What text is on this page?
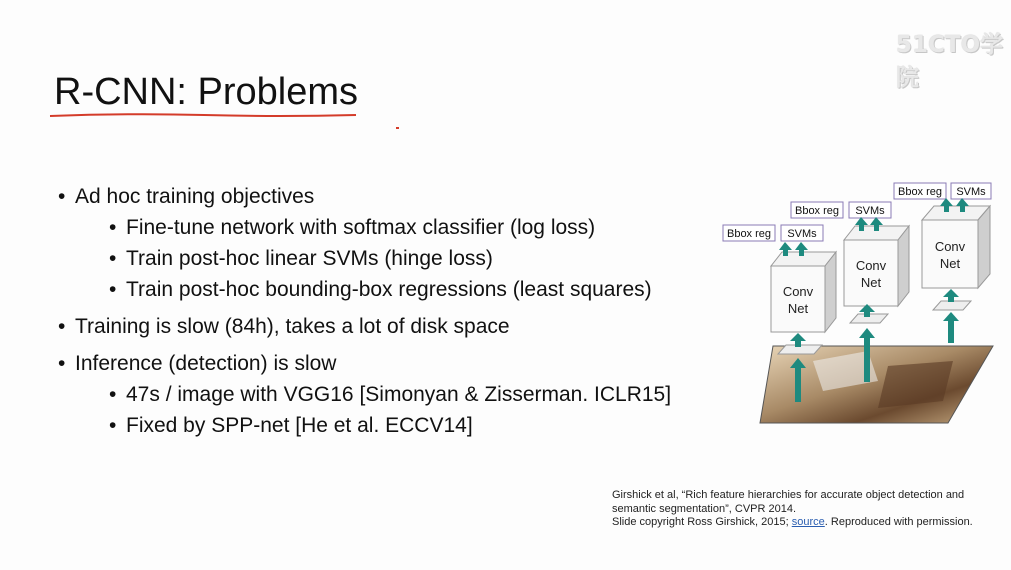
51CTO学院
R-CNN: Problems
• Ad hoc training objectives
• Fine-tune network with softmax classifier (log loss)
• Train post-hoc linear SVMs (hinge loss)
• Train post-hoc bounding-box regressions (least squares)
• Training is slow (84h), takes a lot of disk space
• Inference (detection) is slow
• 47s / image with VGG16 [Simonyan & Zisserman. ICLR15]
• Fixed by SPP-net [He et al. ECCV14]
Bbox reg SVMs
Conv
Net
Bbox reg SVMs
Conv
Net
Bbox reg SVMs
Conv
Net
Girshick et al, “Rich feature hierarchies for accurate object detection and
semantic segmentation”, CVPR 2014.
Slide copyright Ross Girshick, 2015; source. Reproduced with permission.
